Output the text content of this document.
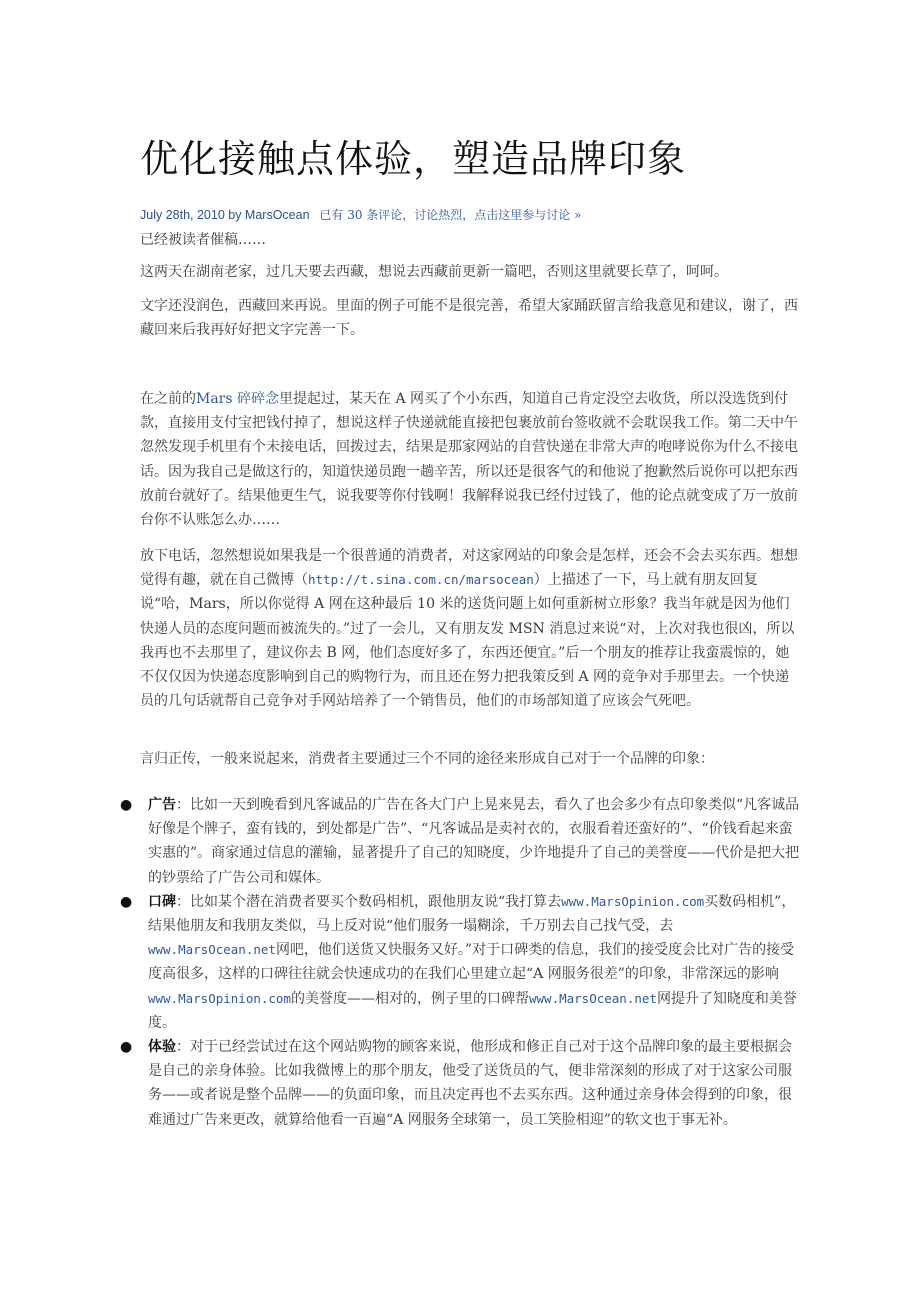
优化接触点体验，塑造品牌印象
July 28th, 2010 by MarsOcean 已有 30 条评论，讨论热烈，点击这里参与讨论 »

已经被读者催稿……

这两天在湖南老家，过几天要去西藏，想说去西藏前更新一篇吧，否则这里就要长草了，呵呵。

文字还没润色，西藏回来再说。里面的例子可能不是很完善，希望大家踊跃留言给我意见和建议，谢了，西藏回来后我再好好把文字完善一下。

在之前的Mars 碎碎念里提起过，某天在 A 网买了个小东西，知道自己肯定没空去收货，所以没选货到付款，直接用支付宝把钱付掉了，想说这样子快递就能直接把包裹放前台签收就不会耽误我工作。第二天中午忽然发现手机里有个未接电话，回拨过去，结果是那家网站的自营快递在非常大声的咆哮说你为什么不接电话。因为我自己是做这行的，知道快递员跑一趟辛苦，所以还是很客气的和他说了抱歉然后说你可以把东西放前台就好了。结果他更生气，说我要等你付钱啊！我解释说我已经付过钱了，他的论点就变成了万一放前台你不认账怎么办……

放下电话，忽然想说如果我是一个很普通的消费者，对这家网站的印象会是怎样，还会不会去买东西。想想觉得有趣，就在自己微博（http://t.sina.com.cn/marsocean）上描述了一下，马上就有朋友回复说“哈，Mars，所以你觉得 A 网在这种最后 10 米的送货问题上如何重新树立形象？我当年就是因为他们快递人员的态度问题而被流失的。”过了一会儿，又有朋友发 MSN 消息过来说“对，上次对我也很凶，所以我再也不去那里了，建议你去 B 网，他们态度好多了，东西还便宜。”后一个朋友的推荐让我蛮震惊的，她不仅仅因为快递态度影响到自己的购物行为，而且还在努力把我策反到 A 网的竞争对手那里去。一个快递员的几句话就帮自己竞争对手网站培养了一个销售员，他们的市场部知道了应该会气死吧。

言归正传，一般来说起来，消费者主要通过三个不同的途径来形成自己对于一个品牌的印象：

● 广告：比如一天到晚看到凡客诚品的广告在各大门户上晃来晃去，看久了也会多少有点印象类似“凡客诚品好像是个牌子，蛮有钱的，到处都是广告”、“凡客诚品是卖衬衣的，衣服看着还蛮好的”、“价钱看起来蛮实惠的”。商家通过信息的灌输，显著提升了自己的知晓度，少许地提升了自己的美誉度——代价是把大把的钞票给了广告公司和媒体。
● 口碑：比如某个潜在消费者要买个数码相机，跟他朋友说“我打算去www.MarsOpinion.com买数码相机”，结果他朋友和我朋友类似，马上反对说“他们服务一塌糊涂，千万别去自己找气受，去www.MarsOcean.net网吧，他们送货又快服务又好。”对于口碑类的信息，我们的接受度会比对广告的接受度高很多，这样的口碑往往就会快速成功的在我们心里建立起“A 网服务很差”的印象，非常深远的影响www.MarsOpinion.com的美誉度——相对的，例子里的口碑帮www.MarsOcean.net网提升了知晓度和美誉度。
● 体验：对于已经尝试过在这个网站购物的顾客来说，他形成和修正自己对于这个品牌印象的最主要根据会是自己的亲身体验。比如我微博上的那个朋友，他受了送货员的气，便非常深刻的形成了对于这家公司服务——或者说是整个品牌——的负面印象，而且决定再也不去买东西。这种通过亲身体会得到的印象，很难通过广告来更改，就算给他看一百遍“A 网服务全球第一，员工笑脸相迎”的软文也于事无补。
